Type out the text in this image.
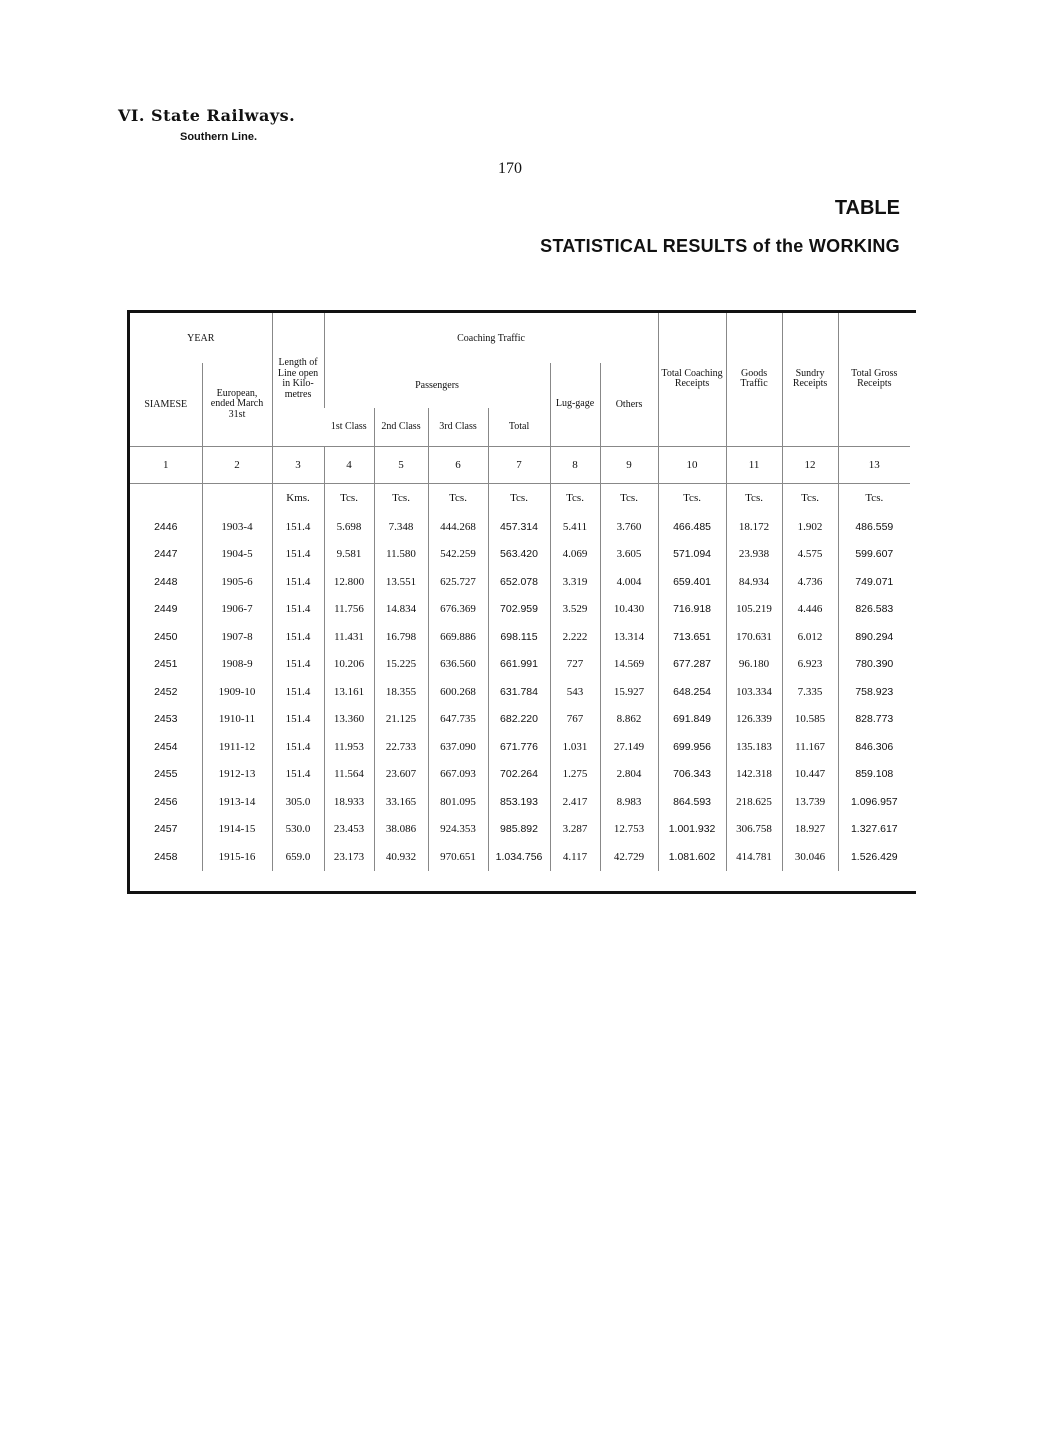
VI. State Railways.
Southern Line.
170
TABLE
STATISTICAL RESULTS of the WORKING
YEAR		Length of Line open in Kilo-metres	Coaching Traffic						Total Coaching Receipts	Goods Traffic	Sundry Receipts	Total Gross Receipts
SIAMESE	European, ended March 31st		Passengers				Lug-gage	Others				
			1st Class	2nd Class	3rd Class	Total						
1	2	3	4	5	6	7	8	9	10	11	12	13
		Kms.	Tcs.	Tcs.	Tcs.	Tcs.	Tcs.	Tcs.	Tcs.	Tcs.	Tcs.	Tcs.
2446	1903-4	151.4	5.698	7.348	444.268	457.314	5.411	3.760	466.485	18.172	1.902	486.559
2447	1904-5	151.4	9.581	11.580	542.259	563.420	4.069	3.605	571.094	23.938	4.575	599.607
2448	1905-6	151.4	12.800	13.551	625.727	652.078	3.319	4.004	659.401	84.934	4.736	749.071
2449	1906-7	151.4	11.756	14.834	676.369	702.959	3.529	10.430	716.918	105.219	4.446	826.583
2450	1907-8	151.4	11.431	16.798	669.886	698.115	2.222	13.314	713.651	170.631	6.012	890.294
2451	1908-9	151.4	10.206	15.225	636.560	661.991	727	14.569	677.287	96.180	6.923	780.390
2452	1909-10	151.4	13.161	18.355	600.268	631.784	543	15.927	648.254	103.334	7.335	758.923
2453	1910-11	151.4	13.360	21.125	647.735	682.220	767	8.862	691.849	126.339	10.585	828.773
2454	1911-12	151.4	11.953	22.733	637.090	671.776	1.031	27.149	699.956	135.183	11.167	846.306
2455	1912-13	151.4	11.564	23.607	667.093	702.264	1.275	2.804	706.343	142.318	10.447	859.108
2456	1913-14	305.0	18.933	33.165	801.095	853.193	2.417	8.983	864.593	218.625	13.739	1.096.957
2457	1914-15	530.0	23.453	38.086	924.353	985.892	3.287	12.753	1.001.932	306.758	18.927	1.327.617
2458	1915-16	659.0	23.173	40.932	970.651	1.034.756	4.117	42.729	1.081.602	414.781	30.046	1.526.429
